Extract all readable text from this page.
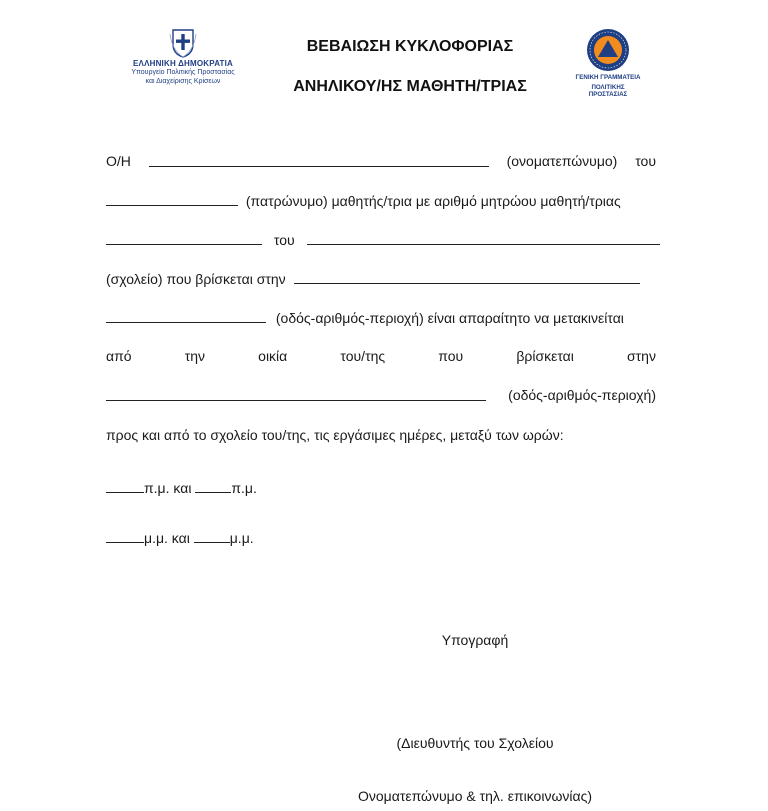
ΕΛΛΗΝΙΚΗ ΔΗΜΟΚΡΑΤΙΑ
Υπουργείο Πολιτικής Προστασίας
και Διαχείρισης Κρίσεων
ΒΕΒΑΙΩΣΗ ΚΥΚΛΟΦΟΡΙΑΣ
ΑΝΗΛΙΚΟΥ/ΗΣ ΜΑΘΗΤΗ/ΤΡΙΑΣ
ΓΕΝΙΚΗ ΓΡΑΜΜΑΤΕΙΑ
ΠΟΛΙΤΙΚΗΣ ΠΡΟΣΤΑΣΙΑΣ
Ο/Η	(ονοματεπώνυμο) του
(πατρώνυμο) μαθητής/τρια με αριθμό μητρώου μαθητή/τριας
του
(σχολείο) που βρίσκεται στην
(οδός-αριθμός-περιοχή) είναι απαραίτητο να μετακινείται
από	την	οικία	του/της	που	βρίσκεται	στην
(οδός-αριθμός-περιοχή)
προς και από το σχολείο του/της, τις εργάσιμες ημέρες, μεταξύ των ωρών:
π.μ. και	π.μ.
μ.μ. και	μ.μ.
Υπογραφή
(Διευθυντής του Σχολείου
Ονοματεπώνυμο & τηλ. επικοινωνίας)
